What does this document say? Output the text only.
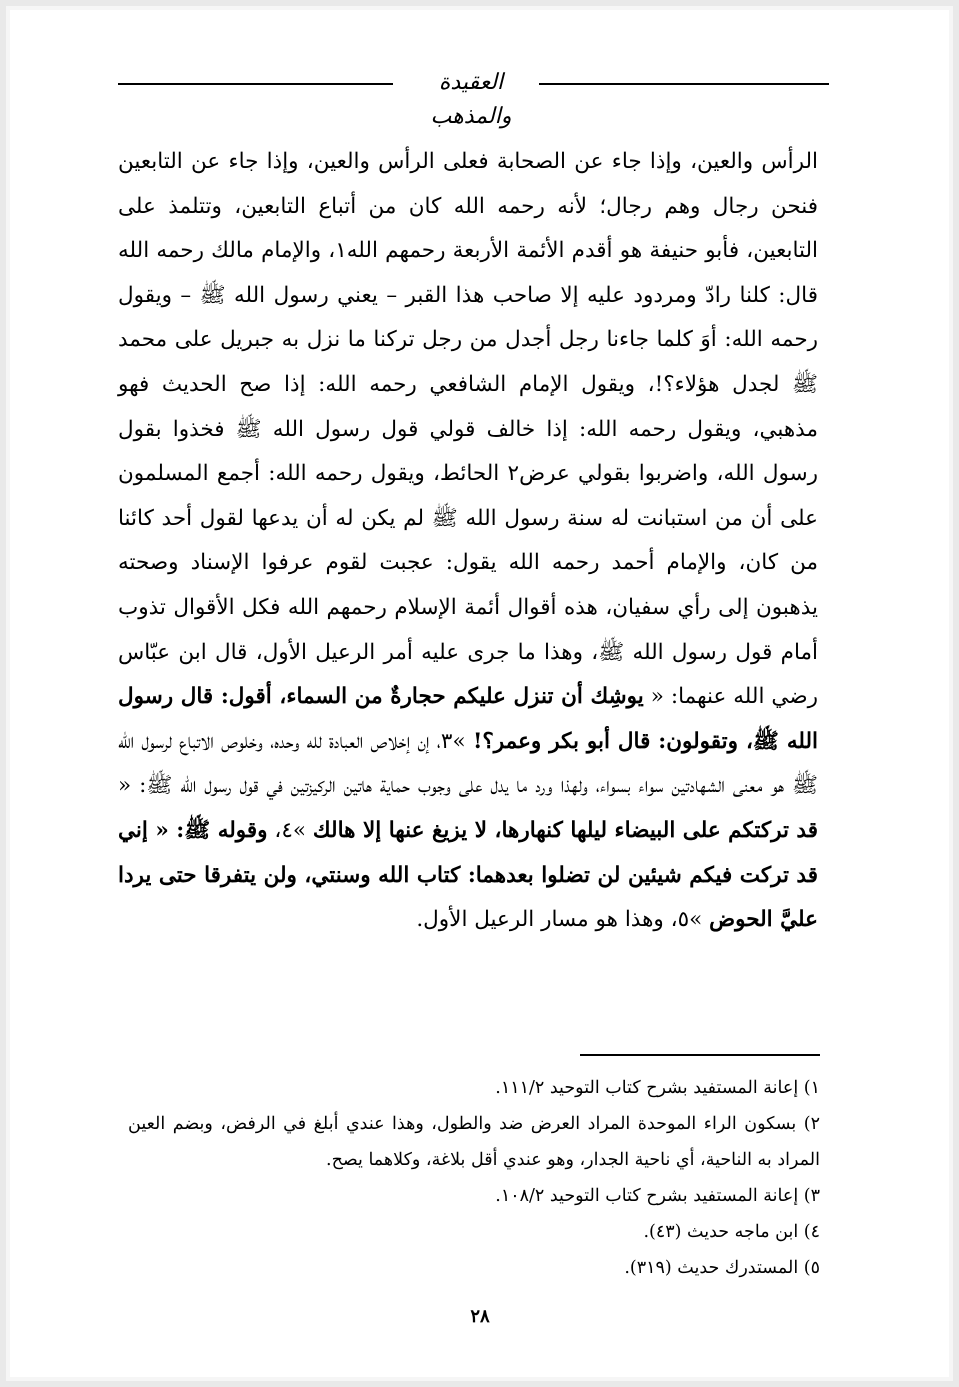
العقيدة والمذهب
الرأس والعين، وإذا جاء عن الصحابة فعلى الرأس والعين، وإذا جاء عن التابعين فنحن رجال وهم رجال؛ لأنه رحمه الله كان من أتباع التابعين، وتتلمذ على التابعين، فأبو حنيفة هو أقدم الأئمة الأربعة رحمهم الله١، والإمام مالك رحمه الله قال: كلنا رادّ ومردود عليه إلا صاحب هذا القبر – يعني رسول الله ﷺ – ويقول رحمه الله: أوَ كلما جاءنا رجل أجدل من رجل تركنا ما نزل به جبريل على محمد ﷺ لجدل هؤلاء؟!، ويقول الإمام الشافعي رحمه الله: إذا صح الحديث فهو مذهبي، ويقول رحمه الله: إذا خالف قولي قول رسول الله ﷺ فخذوا بقول رسول الله، واضربوا بقولي عرض٢ الحائط، ويقول رحمه الله: أجمع المسلمون على أن من استبانت له سنة رسول الله ﷺ لم يكن له أن يدعها لقول أحد كائنا من كان، والإمام أحمد رحمه الله يقول: عجبت لقوم عرفوا الإسناد وصحته يذهبون إلى رأي سفيان، هذه أقوال أئمة الإسلام رحمهم الله فكل الأقوال تذوب أمام قول رسول الله ﷺ، وهذا ما جرى عليه أمر الرعيل الأول، قال ابن عبّاس رضي الله عنهما: « يوشِك أن تنزل عليكم حجارةٌ من السماء، أقول: قال رسول الله ﷺ، وتقولون: قال أبو بكر وعمر؟! »٣، إن إخلاص العبادة لله وحده، وخلوص الاتباع لرسول الله ﷺ هو معنى الشهادتين سواء بسواء، ولهذا ورد ما يدل على وجوب حماية هاتين الركيزتين في قول رسول الله ﷺ: « قد تركتكم على البيضاء ليلها كنهارها، لا يزيغ عنها إلا هالك »٤، وقوله ﷺ: « إني قد تركت فيكم شيئين لن تضلوا بعدهما: كتاب الله وسنتي، ولن يتفرقا حتى يردا عليَّ الحوض »٥، وهذا هو مسار الرعيل الأول.

١) إعانة المستفيد بشرح كتاب التوحيد ١١١/٢.

٢) بسكون الراء الموحدة المراد العرض ضد والطول، وهذا عندي أبلغ في الرفض، وبضم العين المراد به الناحية، أي ناحية الجدار، وهو عندي أقل بلاغة، وكلاهما يصح.

٣) إعانة المستفيد بشرح كتاب التوحيد ١٠٨/٢.

٤) ابن ماجه حديث (٤٣).

٥) المستدرك حديث (٣١٩).

٢٨
